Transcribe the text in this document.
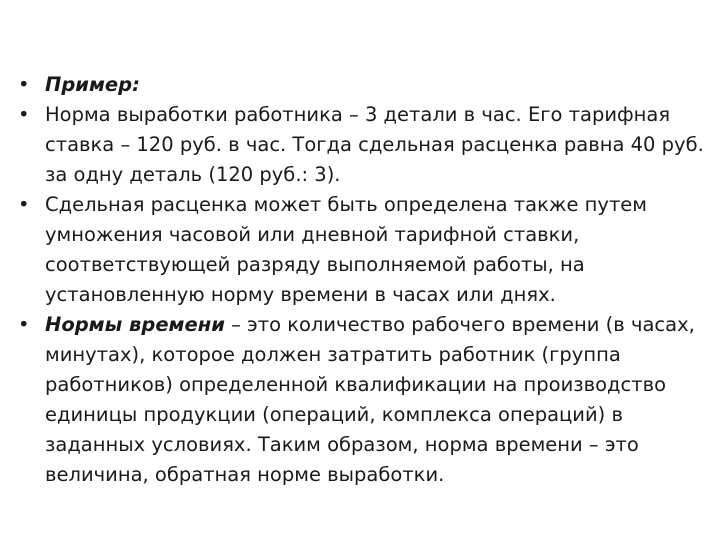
• Пример:
• Норма выработки работника – 3 детали в час. Его тарифная ставка – 120 руб. в час. Тогда сдельная расценка равна 40 руб. за одну деталь (120 руб.: 3).
• Сдельная расценка может быть определена также путем умножения часовой или дневной тарифной ставки, соответствующей разряду выполняемой работы, на установленную норму времени в часах или днях.
• Нормы времени – это количество рабочего времени (в часах, минутах), которое должен затратить работник (группа работников) определенной квалификации на производство единицы продукции (операций, комплекса операций) в заданных условиях. Таким образом, норма времени – это величина, обратная норме выработки.
